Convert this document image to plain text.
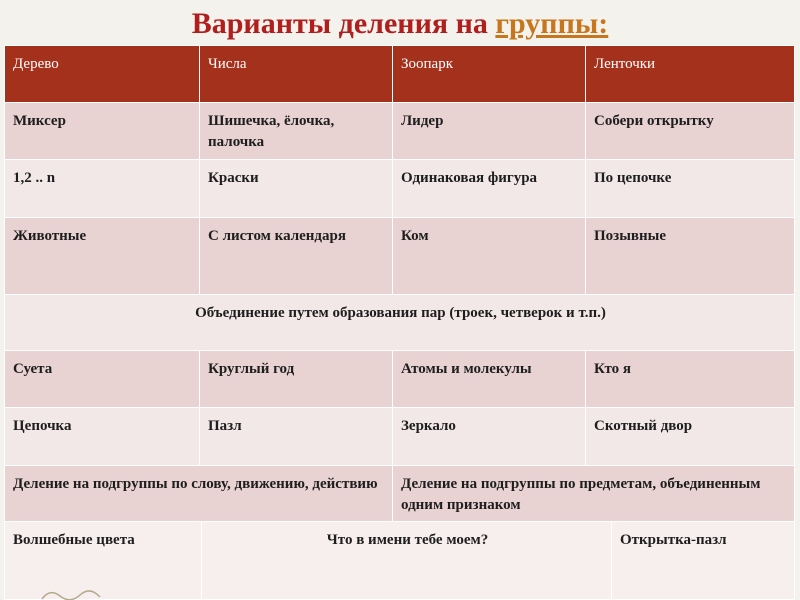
Варианты деления на группы:
Дерево	Числа	Зоопарк	Ленточки
Миксер	Шишечка, ёлочка, палочка	Лидер	Собери открытку
1,2 .. n	Краски	Одинаковая фигура	По цепочке
Животные	С листом календаря	Ком	Позывные
Объединение путем образования пар (троек, четверок и т.п.)
Суета	Круглый год	Атомы и молекулы	Кто я
Цепочка	Пазл	Зеркало	Скотный двор
Деление на подгруппы по слову, движению, действию	Деление на подгруппы по предметам, объединенным одним признаком

Волшебные цвета	Что в имени тебе моем?	Открытка-пазл
